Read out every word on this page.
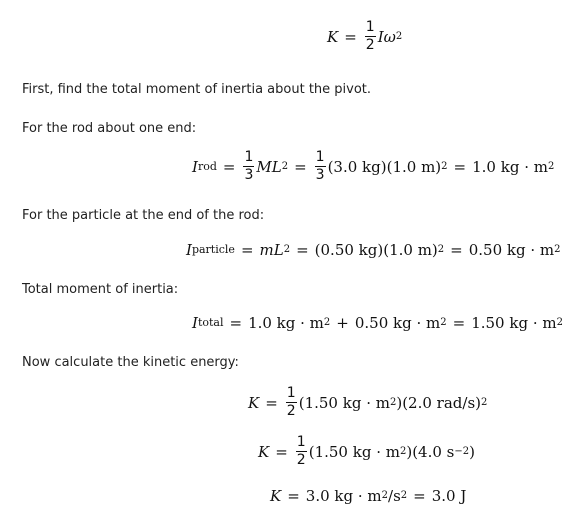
$K = \frac{1}{2}$ Iω 2
First, find the total moment of inertia about the pivot.
For the rod about one end:
I rod = $\frac{1}{3}$ ML $2 = \frac{1}{3} (3.0$ kg)(1.0 m) 2 = 1.0 kg · m 2
For the particle at the end of the rod:
I particle = mL 2 = (0.50 kg)(1.0 m) 2 = 0.50 kg · m 2
Total moment of inertia:
I total = 1.0 kg · m 2 + 0.50 kg · m 2 = 1.50 kg · m 2
Now calculate the kinetic energy:
$K = \frac{1}{2} (1.50$ kg · m 2 )(2.0 rad/s) 2
$K = \frac{1}{2} (1.50$ kg · m 2 )(4.0 s −2 )
K = 3.0 kg · m 2 /s 2 = 3.0 J
